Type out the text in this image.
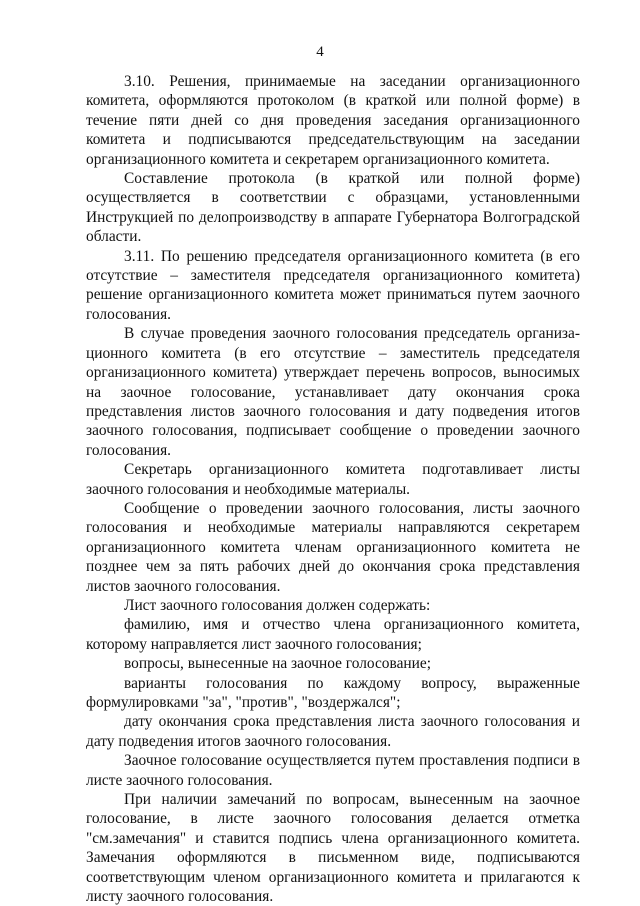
4

3.10. Решения, принимаемые на заседании организационного комитета, оформляются протоколом (в краткой или полной форме) в течение пяти дней со дня проведения заседания организационного комитета и подписываются председательствующим на заседании организационного комитета и секретарем организационного комитета.

Составление протокола (в краткой или полной форме) осуществляется в соответствии с образцами, установленными Инструкцией по делопроизводству в аппарате Губернатора Волгоградской области.

3.11. По решению председателя организационного комитета (в его отсутствие – заместителя председателя организационного комитета) решение организационного комитета может приниматься путем заочного голосования.

В случае проведения заочного голосования председатель организационного комитета (в его отсутствие – заместитель председателя организационного комитета) утверждает перечень вопросов, выносимых на заочное голосование, устанавливает дату окончания срока представления листов заочного голосования и дату подведения итогов заочного голосования, подписывает сообщение о проведении заочного голосования.

Секретарь организационного комитета подготавливает листы заочного голосования и необходимые материалы.

Сообщение о проведении заочного голосования, листы заочного голосования и необходимые материалы направляются секретарем организационного комитета членам организационного комитета не позднее чем за пять рабочих дней до окончания срока представления листов заочного голосования.

Лист заочного голосования должен содержать:

фамилию, имя и отчество члена организационного комитета, которому направляется лист заочного голосования;

вопросы, вынесенные на заочное голосование;

варианты голосования по каждому вопросу, выраженные формулировками "за", "против", "воздержался";

дату окончания срока представления листа заочного голосования и дату подведения итогов заочного голосования.

Заочное голосование осуществляется путем проставления подписи в листе заочного голосования.

При наличии замечаний по вопросам, вынесенным на заочное голосование, в листе заочного голосования делается отметка "см.замечания" и ставится подпись члена организационного комитета. Замечания оформляются в письменном виде, подписываются соответствующим членом организационного комитета и прилагаются к листу заочного голосования.
